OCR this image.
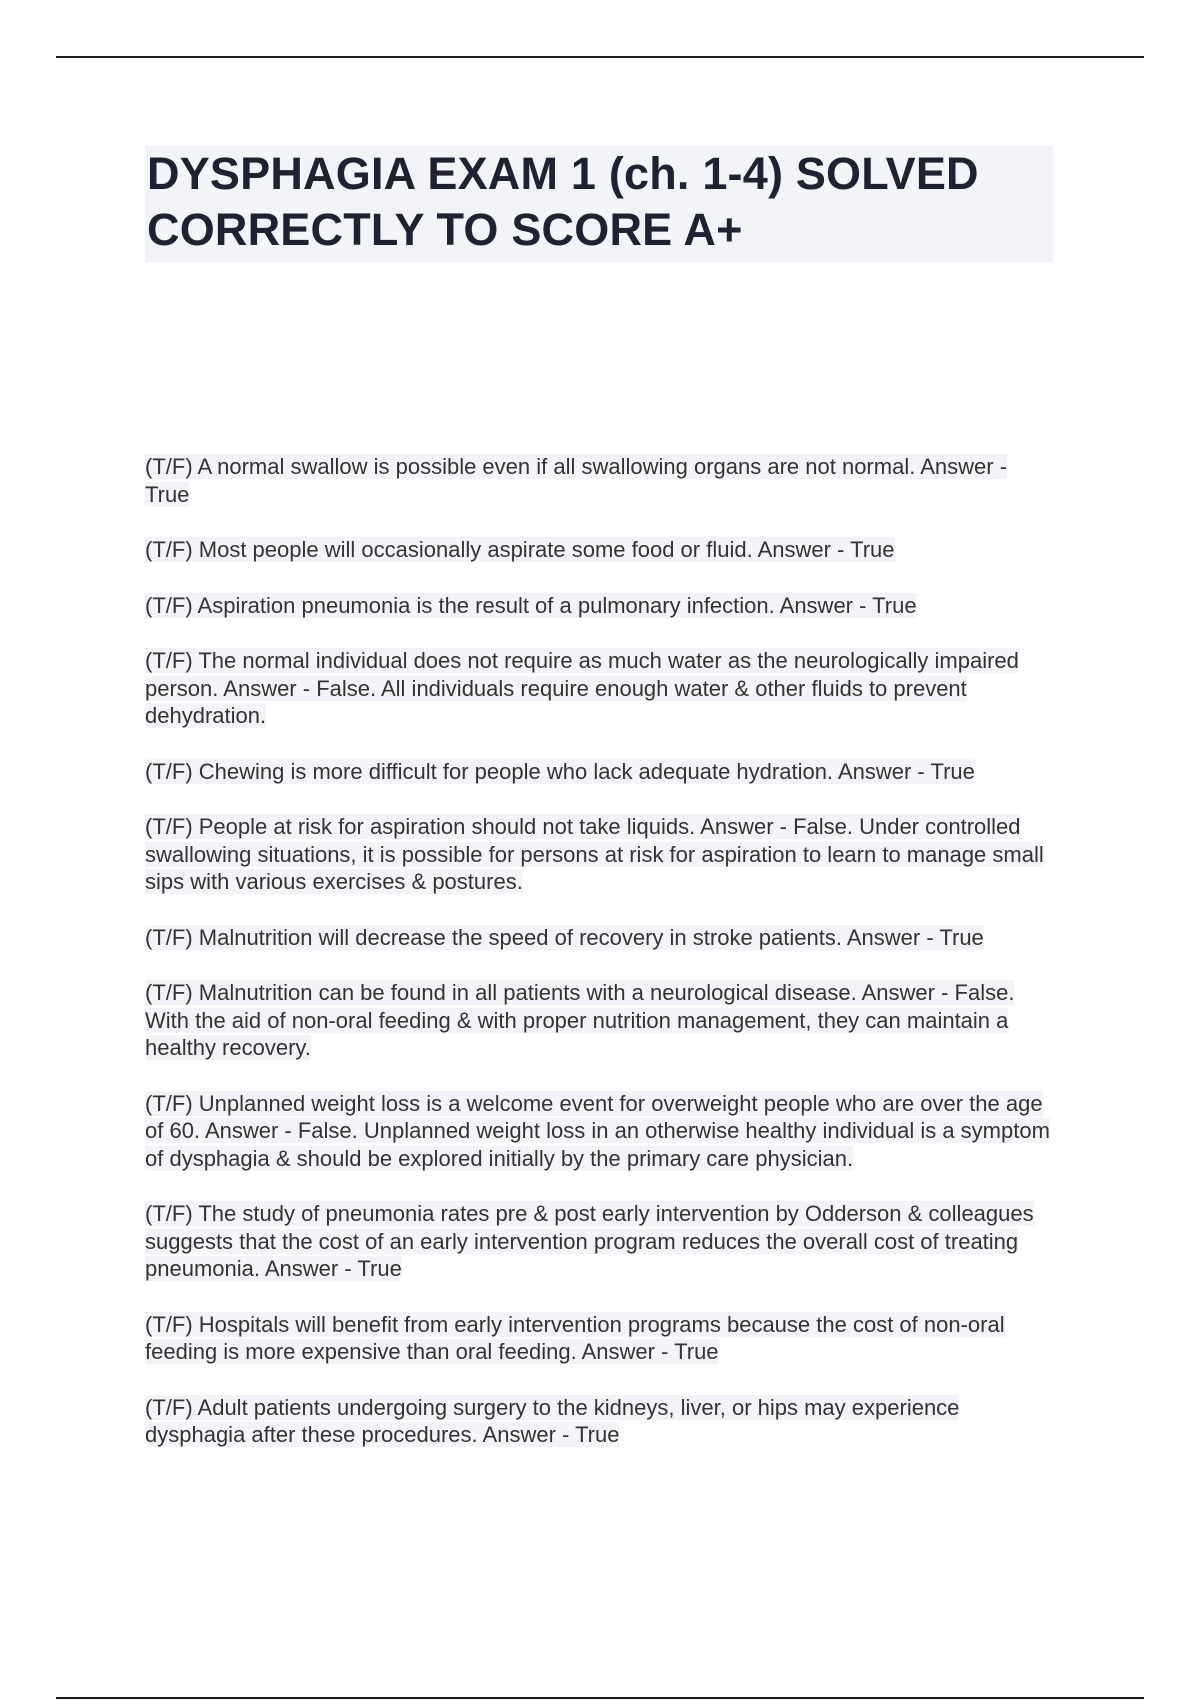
DYSPHAGIA EXAM 1 (ch. 1-4) SOLVED CORRECTLY TO SCORE A+

(T/F) A normal swallow is possible even if all swallowing organs are not normal. Answer - True

(T/F) Most people will occasionally aspirate some food or fluid. Answer - True

(T/F) Aspiration pneumonia is the result of a pulmonary infection. Answer - True

(T/F) The normal individual does not require as much water as the neurologically impaired person. Answer - False. All individuals require enough water & other fluids to prevent dehydration.

(T/F) Chewing is more difficult for people who lack adequate hydration. Answer - True

(T/F) People at risk for aspiration should not take liquids. Answer - False. Under controlled swallowing situations, it is possible for persons at risk for aspiration to learn to manage small sips with various exercises & postures.

(T/F) Malnutrition will decrease the speed of recovery in stroke patients. Answer - True

(T/F) Malnutrition can be found in all patients with a neurological disease. Answer - False. With the aid of non-oral feeding & with proper nutrition management, they can maintain a healthy recovery.

(T/F) Unplanned weight loss is a welcome event for overweight people who are over the age of 60. Answer - False. Unplanned weight loss in an otherwise healthy individual is a symptom of dysphagia & should be explored initially by the primary care physician.

(T/F) The study of pneumonia rates pre & post early intervention by Odderson & colleagues suggests that the cost of an early intervention program reduces the overall cost of treating pneumonia. Answer - True

(T/F) Hospitals will benefit from early intervention programs because the cost of non-oral feeding is more expensive than oral feeding. Answer - True

(T/F) Adult patients undergoing surgery to the kidneys, liver, or hips may experience dysphagia after these procedures. Answer - True
